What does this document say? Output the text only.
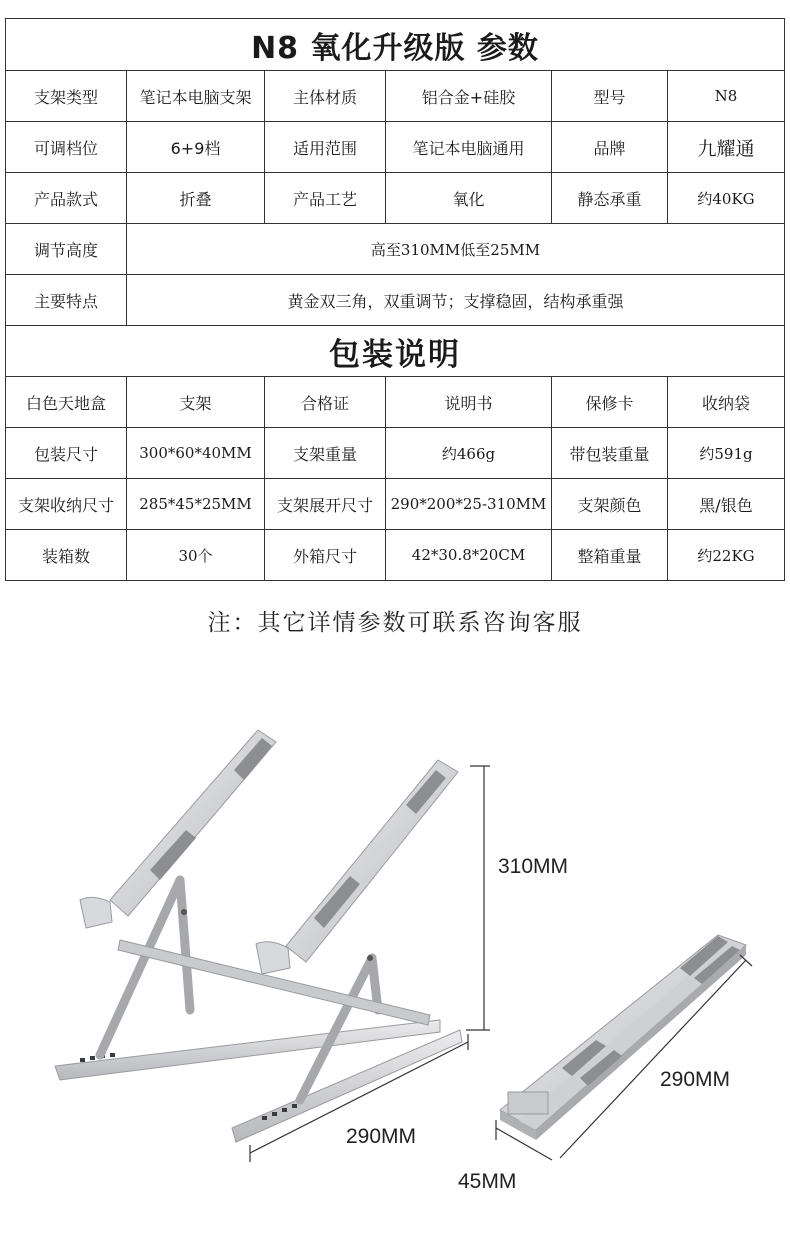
N8 氧化升级版 参数					
支架类型	笔记本电脑支架	主体材质	铝合金+硅胶	型号	N8
可调档位	6+9档	适用范围	笔记本电脑通用	品牌	九耀通
产品款式	折叠	产品工艺	氧化	静态承重	约40KG
调节高度	高至310MM低至25MM				
主要特点	黄金双三角，双重调节；支撑稳固，结构承重强				
包装说明					
白色天地盒	支架	合格证	说明书	保修卡	收纳袋
包装尺寸	300*60*40MM	支架重量	约466g	带包装重量	约591g
支架收纳尺寸	285*45*25MM	支架展开尺寸	290*200*25-310MM	支架颜色	黑/银色
装箱数	30个	外箱尺寸	42*30.8*20CM	整箱重量	约22KG
注：其它详情参数可联系咨询客服
310MM
290MM
290MM
45MM
